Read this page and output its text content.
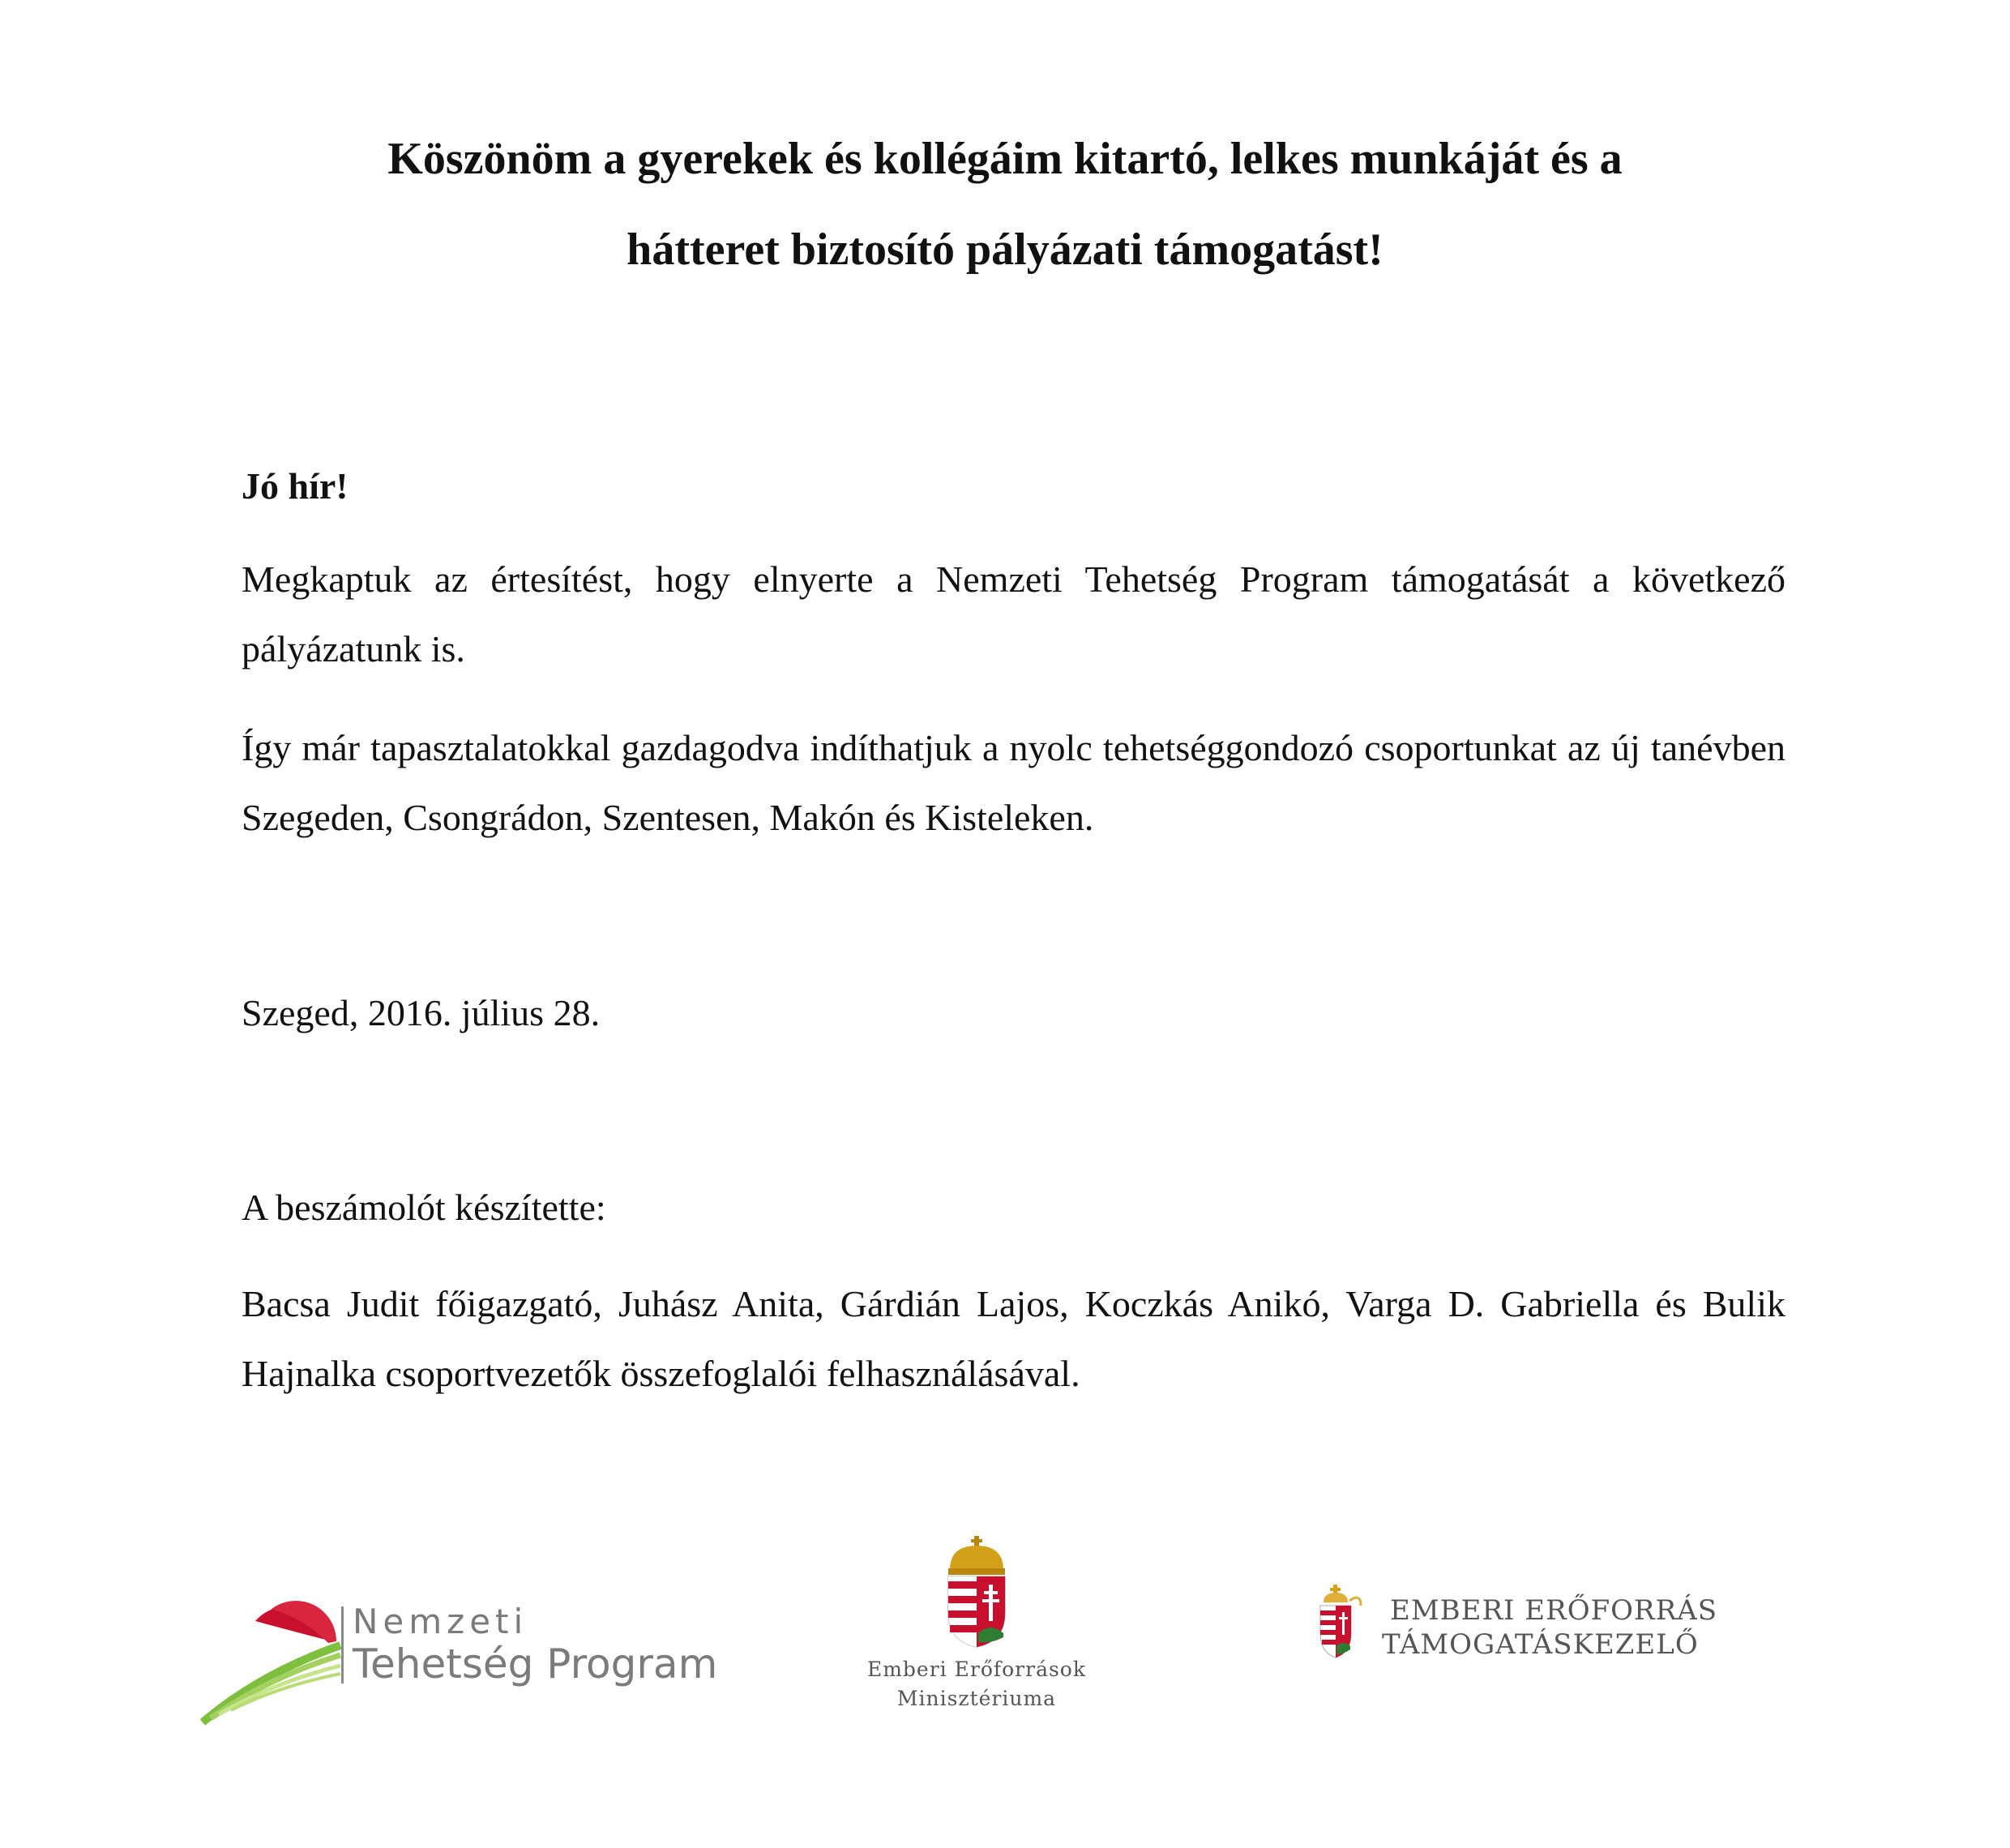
Köszönöm a gyerekek és kollégáim kitartó, lelkes munkáját és a
hátteret biztosító pályázati támogatást!
Jó hír!
Megkaptuk az értesítést, hogy elnyerte a Nemzeti Tehetség Program támogatását a következő pályázatunk is.
Így már tapasztalatokkal gazdagodva indíthatjuk a nyolc tehetséggondozó csoportunkat az új tanévben Szegeden, Csongrádon, Szentesen, Makón és Kisteleken.
Szeged, 2016. július 28.
A beszámolót készítette:
Bacsa Judit főigazgató, Juhász Anita, Gárdián Lajos, Koczkás Anikó, Varga D. Gabriella és Bulik Hajnalka csoportvezetők összefoglalói felhasználásával.
Nemzeti
Tehetség Program	Emberi Erőforrások
Minisztériuma
EMBERI ERŐFORRÁS
TÁMOGATÁSKEZELŐ
